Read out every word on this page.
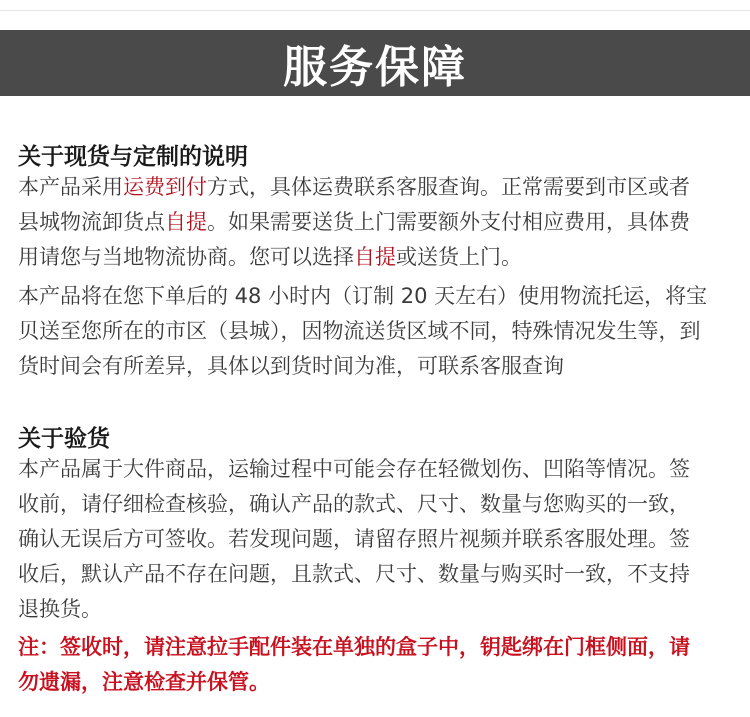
服务保障
关于现货与定制的说明
本产品采用运费到付方式，具体运费联系客服查询。正常需要到市区或者
县城物流卸货点自提。如果需要送货上门需要额外支付相应费用，具体费
用请您与当地物流协商。您可以选择自提或送货上门。
本产品将在您下单后的 48 小时内（订制 20 天左右）使用物流托运，将宝
贝送至您所在的市区（县城），因物流送货区域不同，特殊情况发生等，到
货时间会有所差异，具体以到货时间为准，可联系客服查询
关于验货
本产品属于大件商品，运输过程中可能会存在轻微划伤、凹陷等情况。签
收前，请仔细检查核验，确认产品的款式、尺寸、数量与您购买的一致，
确认无误后方可签收。若发现问题，请留存照片视频并联系客服处理。签
收后，默认产品不存在问题，且款式、尺寸、数量与购买时一致，不支持
退换货。
注：签收时，请注意拉手配件装在单独的盒子中，钥匙绑在门框侧面，请
勿遗漏，注意检查并保管。
